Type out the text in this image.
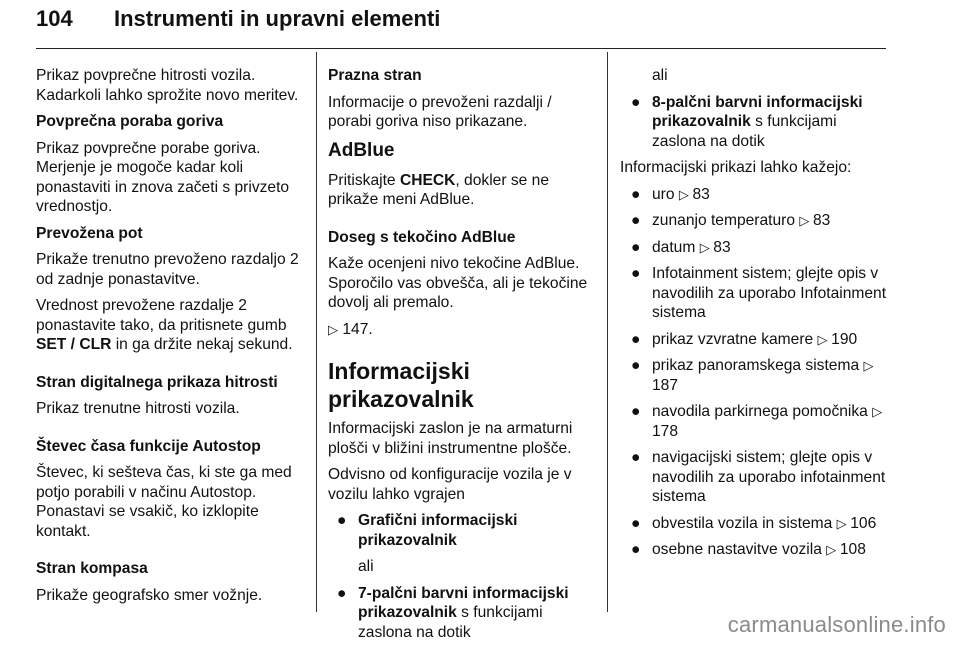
104 Instrumenti in upravni elementi

Prikaz povprečne hitrosti vozila. Kadarkoli lahko sprožite novo meritev.

Povprečna poraba goriva

Prikaz povprečne porabe goriva. Merjenje je mogoče kadar koli ponastaviti in znova začeti s privzeto vrednostjo.

Prevožena pot

Prikaže trenutno prevoženo razdaljo 2 od zadnje ponastavitve.

Vrednost prevožene razdalje 2 ponastavite tako, da pritisnete gumb SET / CLR in ga držite nekaj sekund.

Stran digitalnega prikaza hitrosti

Prikaz trenutne hitrosti vozila.

Števec časa funkcije Autostop

Števec, ki sešteva čas, ki ste ga med potjo porabili v načinu Autostop. Ponastavi se vsakič, ko izklopite kontakt.

Stran kompasa

Prikaže geografsko smer vožnje.

Prazna stran

Informacije o prevoženi razdalji / porabi goriva niso prikazane.

AdBlue

Pritiskajte CHECK, dokler se ne prikaže meni AdBlue.

Doseg s tekočino AdBlue

Kaže ocenjeni nivo tekočine AdBlue. Sporočilo vas obvešča, ali je tekočine dovolj ali premalo.

▷ 147.

Informacijski prikazovalnik

Informacijski zaslon je na armaturni plošči v bližini instrumentne plošče.

Odvisno od konfiguracije vozila je v vozilu lahko vgrajen

● Grafični informacijski prikazovalnik
ali
● 7-palčni barvni informacijski prikazovalnik s funkcijami zaslona na dotik
ali
● 8-palčni barvni informacijski prikazovalnik s funkcijami zaslona na dotik

Informacijski prikazi lahko kažejo:

● uro ▷ 83
● zunanjo temperaturo ▷ 83
● datum ▷ 83
● Infotainment sistem; glejte opis v navodilih za uporabo Infotainment sistema
● prikaz vzvratne kamere ▷ 190
● prikaz panoramskega sistema ▷ 187
● navodila parkirnega pomočnika ▷ 178
● navigacijski sistem; glejte opis v navodilih za uporabo infotainment sistema
● obvestila vozila in sistema ▷ 106
● osebne nastavitve vozila ▷ 108
carmanualsonline.info
